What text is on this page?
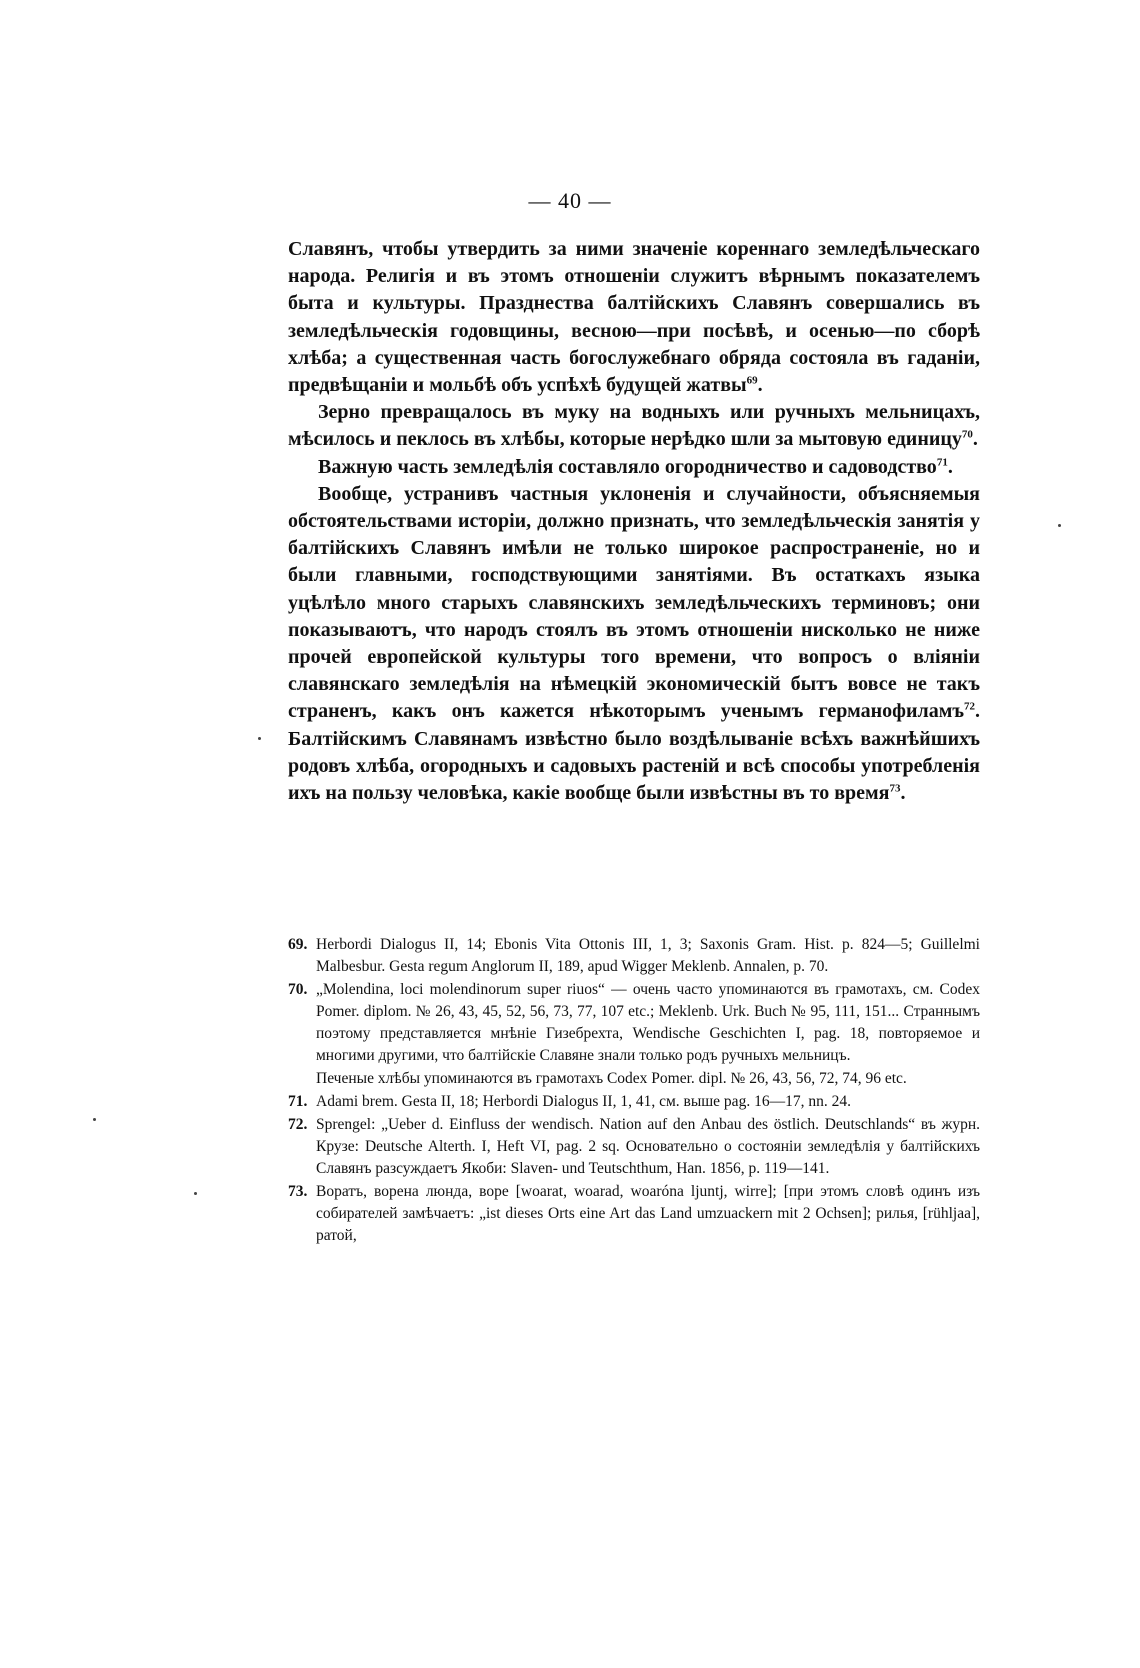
— 40 —

Славянъ, чтобы утвердить за ними значеніе кореннаго земледѣльческаго народа. Религія и въ этомъ отношеніи служитъ вѣрнымъ показателемъ быта и культуры. Празднества балтійскихъ Славянъ совершались въ земледѣльческія годовщины, весною—при посѣвѣ, и осенью—по сборѣ хлѣба; а существенная часть богослужебнаго обряда состояла въ гаданіи, предвѣщаніи и мольбѣ объ успѣхѣ будущей жатвы$^{69}$.

Зерно превращалось въ муку на водныхъ или ручныхъ мельницахъ, мѣсилось и пеклось въ хлѣбы, которые нерѣдко шли за мытовую единицу$^{70}$.

Важную часть земледѣлія составляло огородничество и садоводство$^{71}$.

Вообще, устранивъ частныя уклоненія и случайности, объясняемыя обстоятельствами исторіи, должно признать, что земледѣльческія занятія у балтійскихъ Славянъ имѣли не только широкое распространеніе, но и были главными, господствующими занятіями. Въ остаткахъ языка уцѣлѣло много старыхъ славянскихъ земледѣльческихъ терминовъ; они показываютъ, что народъ стоялъ въ этомъ отношеніи нисколько не ниже прочей европейской культуры того времени, что вопросъ о вліяніи славянскаго земледѣлія на нѣмецкій экономическій бытъ вовсе не такъ страненъ, какъ онъ кажется нѣкоторымъ ученымъ германофиламъ$^{72}$. Балтійскимъ Славянамъ извѣстно было воздѣлываніе всѣхъ важнѣйшихъ родовъ хлѣба, огородныхъ и садовыхъ растеній и всѣ способы употребленія ихъ на пользу человѣка, какіе вообще были извѣстны въ то время$^{73}$.

69. Herbordi Dialogus II, 14; Ebonis Vita Ottonis III, 1, 3; Saxonis Gram. Hist. p. 824—5; Guillelmi Malbesbur. Gesta regum Anglorum II, 189, apud Wigger Meklenb. Annalen, p. 70.
70. „Molendina, loci molendinorum super riuos“ — очень часто упоминаются въ грамотахъ, см. Codex Pomer. diplom. № 26, 43, 45, 52, 56, 73, 77, 107 etc.; Meklenb. Urk. Buch № 95, 111, 151... Страннымъ поэтому представляется мнѣніе Гизебрехта, Wendische Geschichten I, pag. 18, повторяемое и многими другими, что балтійскіе Славяне знали только родъ ручныхъ мельницъ.
Печеные хлѣбы упоминаются въ грамотахъ Codex Pomer. dipl. № 26, 43, 56, 72, 74, 96 etc.
71. Adami brem. Gesta II, 18; Herbordi Dialogus II, 1, 41, см. выше pag. 16—17, nn. 24.
72. Sprengel: „Ueber d. Einfluss der wendisch. Nation auf den Anbau des östlich. Deutschlands“ въ журн. Крузе: Deutsche Alterth. I, Heft VI, pag. 2 sq. Основательно о состояніи земледѣлія у балтійскихъ Славянъ разсуждаетъ Якоби: Slaven- und Teutschthum, Han. 1856, p. 119—141.
73. Воратъ, ворена люнда, воре [woarat, woarad, woaróna ljuntj, wirre]; [при этомъ словѣ одинъ изъ собирателей замѣчаетъ: „ist dieses Orts eine Art das Land umzuackern mit 2 Ochsen]; рилья, [rühljaa], ратой,
